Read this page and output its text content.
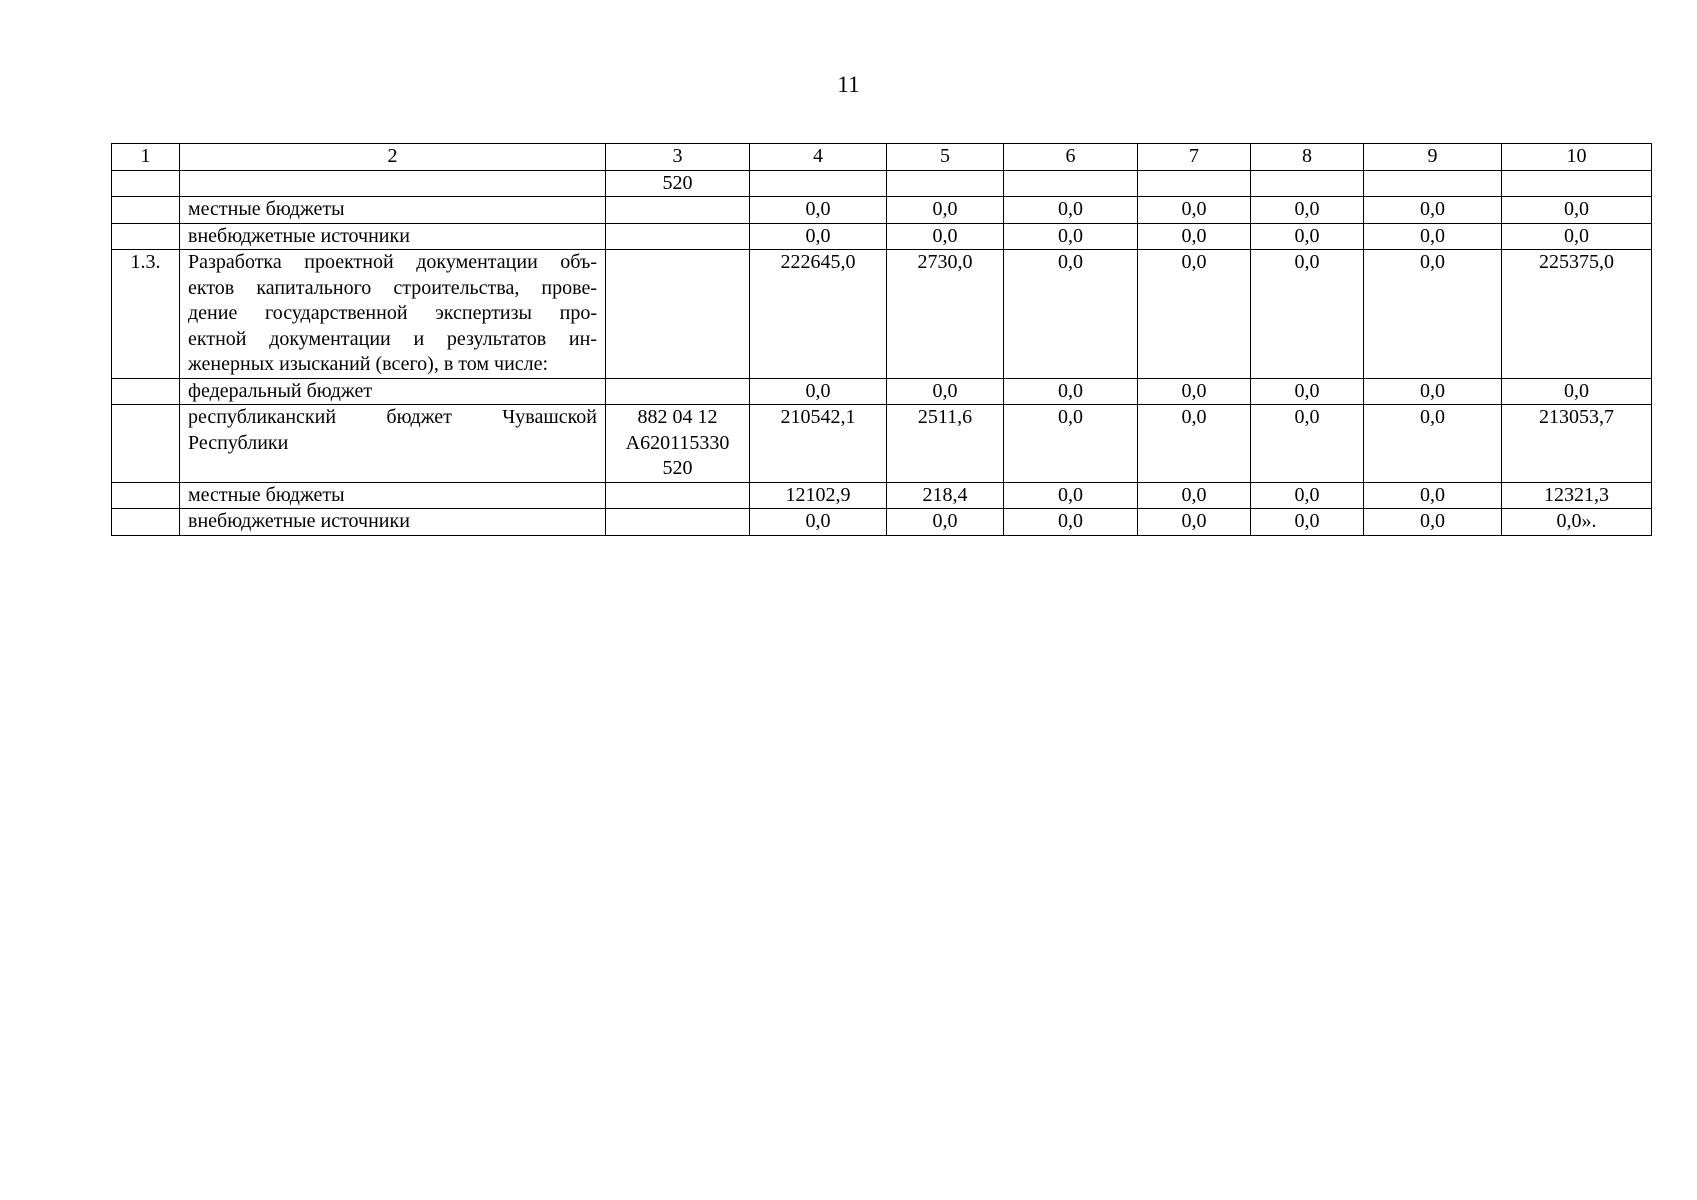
11
1	2	3	4	5	6	7	8	9	10

		520							

	местные бюджеты		0,0	0,0	0,0	0,0	0,0	0,0	0,0

	внебюджетные источники		0,0	0,0	0,0	0,0	0,0	0,0	0,0
1.3.	Разработка проектной документации объ-
ектов капитального строительства, прове-
дение государственной экспертизы про-
ектной документации и результатов ин-
женерных изысканий (всего), в том числе:		222645,0	2730,0	0,0	0,0	0,0	0,0	225375,0

	федеральный бюджет		0,0	0,0	0,0	0,0	0,0	0,0	0,0

	республиканский бюджет Чувашской
Республики	882 04 12
А620115330
520	210542,1	2511,6	0,0	0,0	0,0	0,0	213053,7

	местные бюджеты		12102,9	218,4	0,0	0,0	0,0	0,0	12321,3

	внебюджетные источники		0,0	0,0	0,0	0,0	0,0	0,0	0,0».
